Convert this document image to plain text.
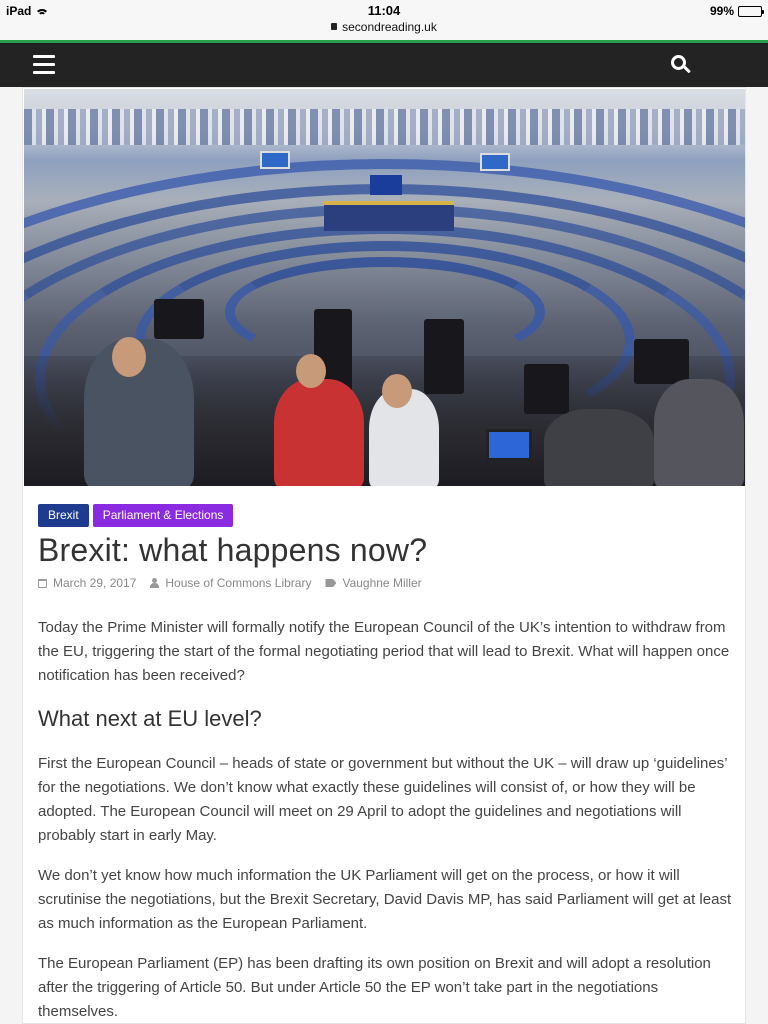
iPad	11:04
secondreading.uk
99%
Brexit	Parliament & Elections
Brexit: what happens now?
March 29, 2017 House of Commons Library	Vaughne Miller

Today the Prime Minister will formally notify the European Council of the UK’s intention to withdraw from the EU, triggering the start of the formal negotiating period that will lead to Brexit. What will happen once notification has been received?

What next at EU level?

First the European Council – heads of state or government but without the UK – will draw up ‘guidelines’ for the negotiations. We don’t know what exactly these guidelines will consist of, or how they will be adopted. The European Council will meet on 29 April to adopt the guidelines and negotiations will probably start in early May.

We don’t yet know how much information the UK Parliament will get on the process, or how it will scrutinise the negotiations, but the Brexit Secretary, David Davis MP, has said Parliament will get at least as much information as the European Parliament.

The European Parliament (EP) has been drafting its own position on Brexit and will adopt a resolution after the triggering of Article 50. But under Article 50 the EP won’t take part in the negotiations themselves.
